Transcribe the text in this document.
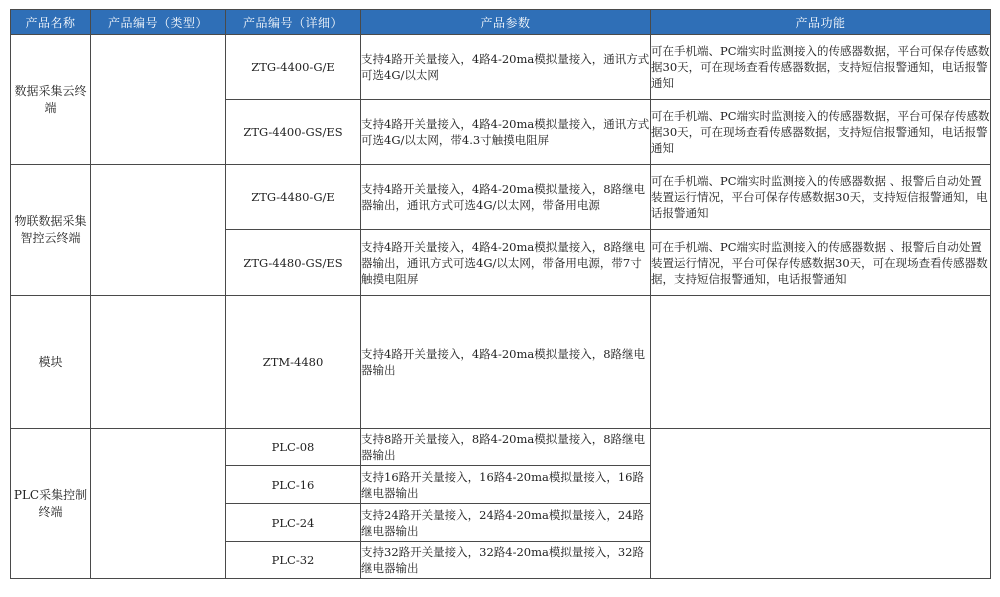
产品名称	产品编号（类型）	产品编号（详细）	产品参数	产品功能
数据采集云终端		ZTG-4400-G/E	支持4路开关量接入，4路4-20ma模拟量接入，通讯方式可选4G/以太网	可在手机端、PC端实时监测接入的传感器数据，平台可保存传感数据30天，可在现场查看传感器数据，支持短信报警通知，电话报警通知
		ZTG-4400-GS/ES	支持4路开关量接入，4路4-20ma模拟量接入，通讯方式可选4G/以太网，带4.3寸触摸电阻屏	可在手机端、PC端实时监测接入的传感器数据，平台可保存传感数据30天，可在现场查看传感器数据，支持短信报警通知，电话报警通知
物联数据采集智控云终端		ZTG-4480-G/E	支持4路开关量接入，4路4-20ma模拟量接入，8路继电器输出，通讯方式可选4G/以太网，带备用电源	可在手机端、PC端实时监测接入的传感器数据 、报警后自动处置装置运行情况，平台可保存传感数据30天，支持短信报警通知，电话报警通知
		ZTG-4480-GS/ES	支持4路开关量接入，4路4-20ma模拟量接入，8路继电器输出，通讯方式可选4G/以太网，带备用电源，带7寸触摸电阻屏	可在手机端、PC端实时监测接入的传感器数据 、报警后自动处置装置运行情况，平台可保存传感数据30天，可在现场查看传感器数据，支持短信报警通知，电话报警通知
模块		ZTM-4480	支持4路开关量接入，4路4-20ma模拟量接入，8路继电器输出	
PLC采集控制终端		PLC-08	支持8路开关量接入，8路4-20ma模拟量接入，8路继电器输出	
		PLC-16	支持16路开关量接入，16路4-20ma模拟量接入，16路继电器输出	
		PLC-24	支持24路开关量接入，24路4-20ma模拟量接入，24路继电器输出	
		PLC-32	支持32路开关量接入，32路4-20ma模拟量接入，32路继电器输出	
